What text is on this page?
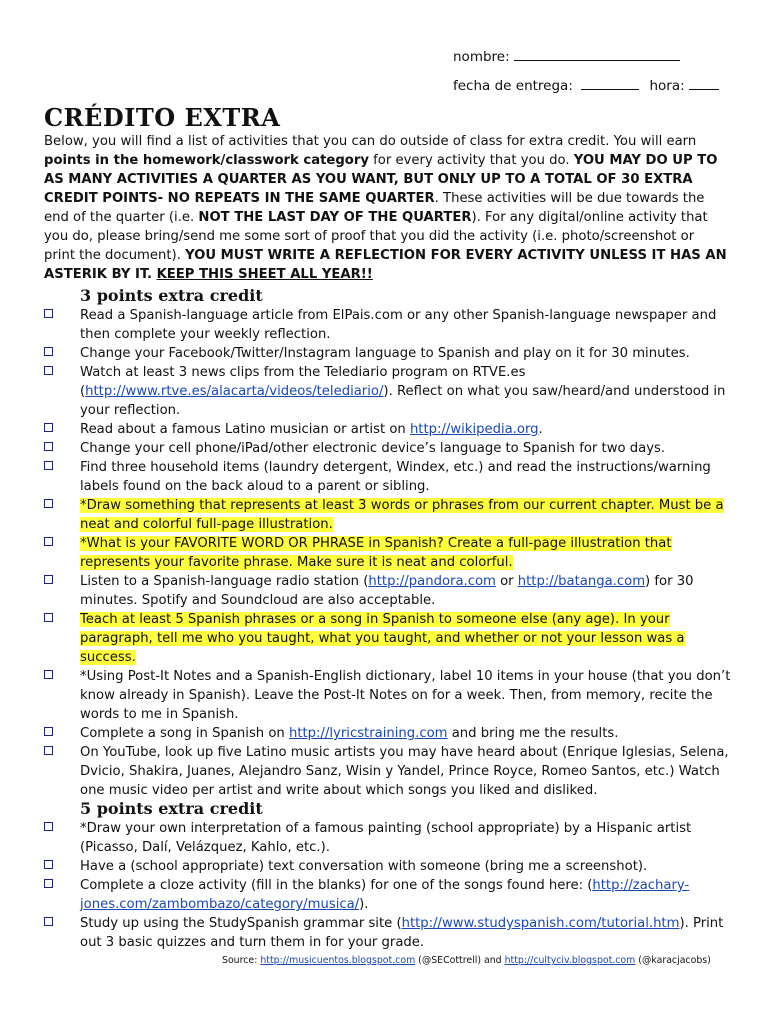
nombre:
fecha de entrega:	hora:
CRÉDITO EXTRA
Below, you will find a list of activities that you can do outside of class for extra credit. You will earn points in the homework/classwork category for every activity that you do. YOU MAY DO UP TO AS MANY ACTIVITIES A QUARTER AS YOU WANT, BUT ONLY UP TO A TOTAL OF 30 EXTRA CREDIT POINTS- NO REPEATS IN THE SAME QUARTER. These activities will be due towards the end of the quarter (i.e. NOT THE LAST DAY OF THE QUARTER). For any digital/online activity that you do, please bring/send me some sort of proof that you did the activity (i.e. photo/screenshot or print the document). YOU MUST WRITE A REFLECTION FOR EVERY ACTIVITY UNLESS IT HAS AN ASTERIK BY IT. KEEP THIS SHEET ALL YEAR!!
3 points extra credit
Read a Spanish-language article from ElPais.com or any other Spanish-language newspaper and then complete your weekly reflection.
Change your Facebook/Twitter/Instagram language to Spanish and play on it for 30 minutes.
Watch at least 3 news clips from the Telediario program on RTVE.es (http://www.rtve.es/alacarta/videos/telediario/). Reflect on what you saw/heard/and understood in your reflection.
Read about a famous Latino musician or artist on http://wikipedia.org.
Change your cell phone/iPad/other electronic device’s language to Spanish for two days.
Find three household items (laundry detergent, Windex, etc.) and read the instructions/warning labels found on the back aloud to a parent or sibling.
*Draw something that represents at least 3 words or phrases from our current chapter. Must be a neat and colorful full-page illustration.
*What is your FAVORITE WORD OR PHRASE in Spanish? Create a full-page illustration that represents your favorite phrase. Make sure it is neat and colorful.
Listen to a Spanish-language radio station (http://pandora.com or http://batanga.com) for 30 minutes. Spotify and Soundcloud are also acceptable.
Teach at least 5 Spanish phrases or a song in Spanish to someone else (any age). In your paragraph, tell me who you taught, what you taught, and whether or not your lesson was a success.
*Using Post-It Notes and a Spanish-English dictionary, label 10 items in your house (that you don’t know already in Spanish). Leave the Post-It Notes on for a week. Then, from memory, recite the words to me in Spanish.
Complete a song in Spanish on http://lyricstraining.com and bring me the results.
On YouTube, look up five Latino music artists you may have heard about (Enrique Iglesias, Selena, Dvicio, Shakira, Juanes, Alejandro Sanz, Wisin y Yandel, Prince Royce, Romeo Santos, etc.) Watch one music video per artist and write about which songs you liked and disliked.
5 points extra credit
*Draw your own interpretation of a famous painting (school appropriate) by a Hispanic artist (Picasso, Dalí, Velázquez, Kahlo, etc.).
Have a (school appropriate) text conversation with someone (bring me a screenshot).
Complete a cloze activity (fill in the blanks) for one of the songs found here: (http://zachary-jones.com/zambombazo/category/musica/).
Study up using the StudySpanish grammar site (http://www.studyspanish.com/tutorial.htm). Print out 3 basic quizzes and turn them in for your grade.
Source: http://musicuentos.blogspot.com (@SECottrell) and http://cultyciv.blogspot.com (@karacjacobs)
